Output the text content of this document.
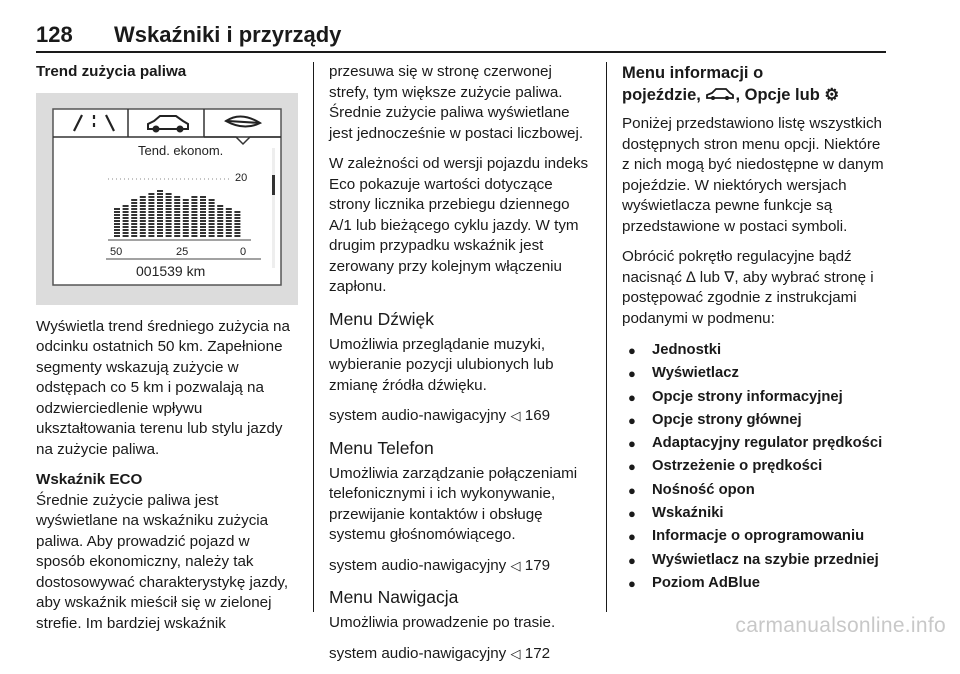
128 Wskaźniki i przyrządy
Trend zużycia paliwa
Tend. ekonom.
20
50	25	0
001539 km

Wyświetla trend średniego zużycia na odcinku ostatnich 50 km. Zapełnione segmenty wskazują zużycie w odstępach co 5 km i pozwalają na odzwierciedlenie wpływu ukształtowania terenu lub stylu jazdy na zużycie paliwa.

Wskaźnik ECO

Średnie zużycie paliwa jest wyświetlane na wskaźniku zużycia paliwa. Aby prowadzić pojazd w sposób ekonomiczny, należy tak dostosowywać charakterystykę jazdy, aby wskaźnik mieścił się w zielonej strefie. Im bardziej wskaźnik

przesuwa się w stronę czerwonej strefy, tym większe zużycie paliwa. Średnie zużycie paliwa wyświetlane jest jednocześnie w postaci liczbowej.

W zależności od wersji pojazdu indeks Eco pokazuje wartości dotyczące strony licznika przebiegu dziennego A/1 lub bieżącego cyklu jazdy. W tym drugim przypadku wskaźnik jest zerowany przy kolejnym włączeniu zapłonu.

Menu Dźwięk

Umożliwia przeglądanie muzyki, wybieranie pozycji ulubionych lub zmianę źródła dźwięku.

system audio-nawigacyjny ◁ 169

Menu Telefon

Umożliwia zarządzanie połączeniami telefonicznymi i ich wykonywanie, przewijanie kontaktów i obsługę systemu głośnomówiącego.

system audio-nawigacyjny ◁ 179

Menu Nawigacja

Umożliwia prowadzenie po trasie.

system audio-nawigacyjny ◁ 172

Menu informacji o
pojeździe, , Opcje lub ⚙

Poniżej przedstawiono listę wszystkich dostępnych stron menu opcji. Niektóre z nich mogą być niedostępne w danym pojeździe. W niektórych wersjach wyświetlacza pewne funkcje są przedstawione w postaci symboli.

Obrócić pokrętło regulacyjne bądź nacisnąć ∆ lub ∇, aby wybrać stronę i postępować zgodnie z instrukcjami podanymi w podmenu:

● Jednostki
● Wyświetlacz
● Opcje strony informacyjnej
● Opcje strony głównej
● Adaptacyjny regulator prędkości
● Ostrzeżenie o prędkości
● Nośność opon
● Wskaźniki
● Informacje o oprogramowaniu
● Wyświetlacz na szybie przedniej
● Poziom AdBlue
carmanualsonline.info
